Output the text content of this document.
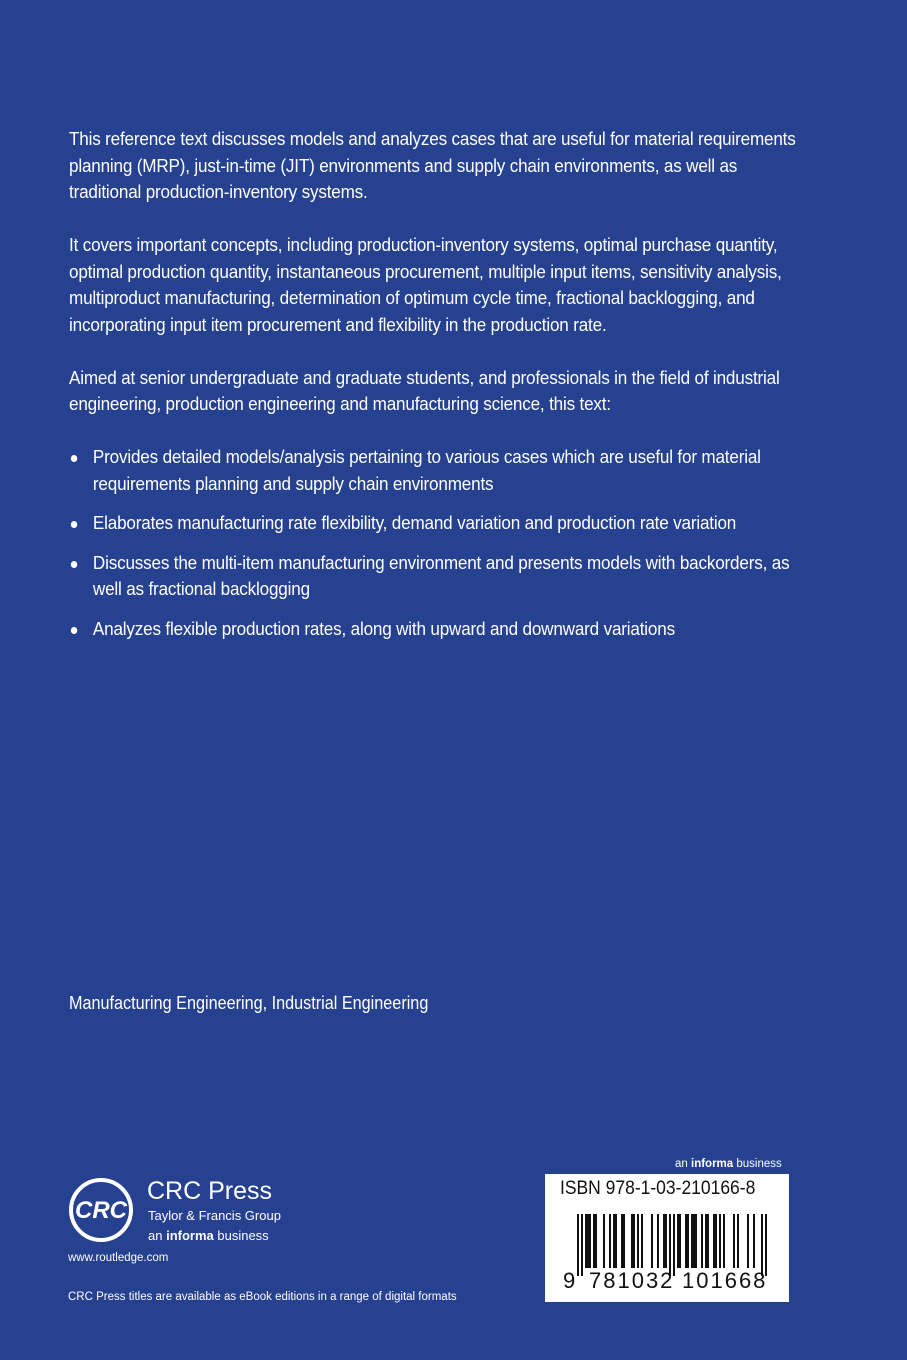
This reference text discusses models and analyzes cases that are useful for material requirements planning (MRP), just-in-time (JIT) environments and supply chain environments, as well as traditional production-inventory systems.

It covers important concepts, including production-inventory systems, optimal purchase quantity, optimal production quantity, instantaneous procurement, multiple input items, sensitivity analysis, multiproduct manufacturing, determination of optimum cycle time, fractional backlogging, and incorporating input item procurement and flexibility in the production rate.

Aimed at senior undergraduate and graduate students, and professionals in the field of industrial engineering, production engineering and manufacturing science, this text:

Provides detailed models/analysis pertaining to various cases which are useful for material requirements planning and supply chain environments
Elaborates manufacturing rate flexibility, demand variation and production rate variation
Discusses the multi-item manufacturing environment and presents models with backorders, as well as fractional backlogging
Analyzes flexible production rates, along with upward and downward variations
Manufacturing Engineering, Industrial Engineering
an informa business
CRC
CRC Press
Taylor & Francis Group
an informa business
www.routledge.com
CRC Press titles are available as eBook editions in a range of digital formats
ISBN 978-1-03-210166-8
9 781032 101668
